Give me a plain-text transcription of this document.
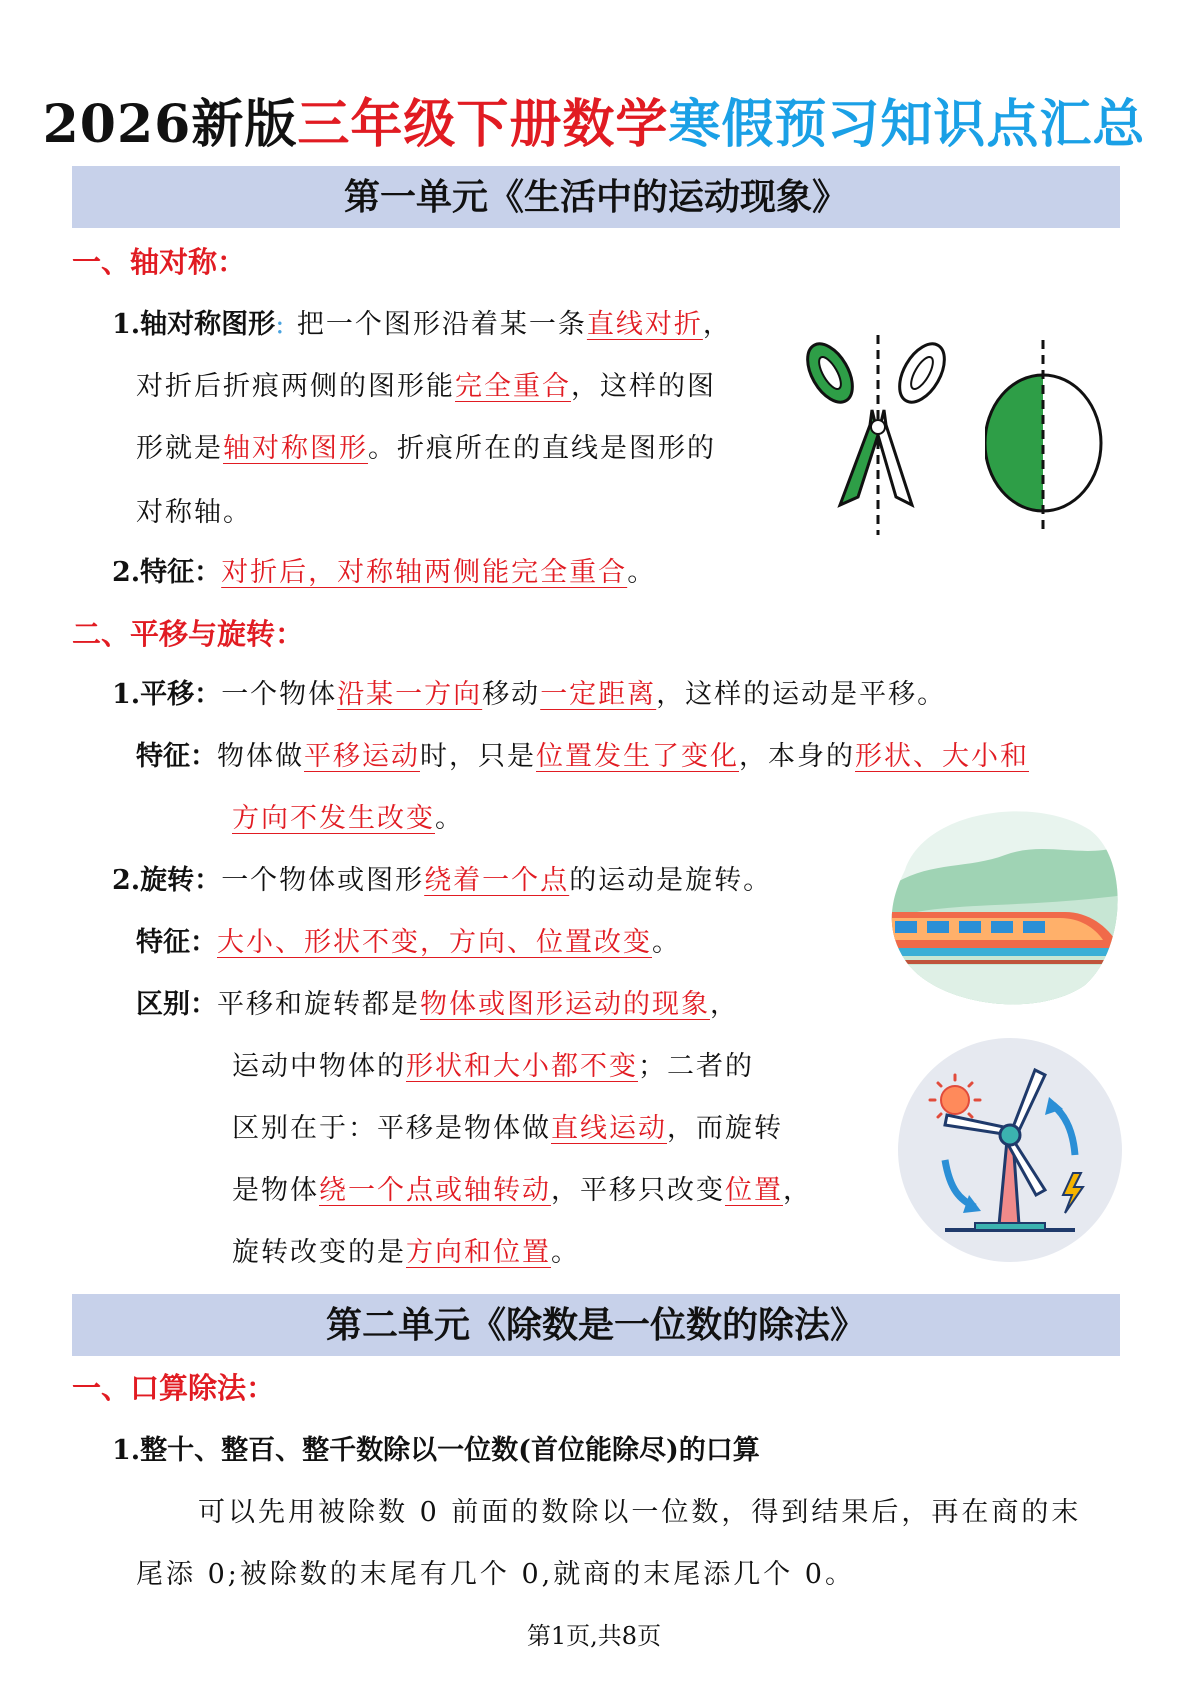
2026新版三年级下册数学寒假预习知识点汇总
第一单元《生活中的运动现象》
一、轴对称：
1.轴对称图形: 把一个图形沿着某一条直线对折，
对折后折痕两侧的图形能完全重合，这样的图
形就是轴对称图形。折痕所在的直线是图形的
对称轴。
2.特征：对折后，对称轴两侧能完全重合。
二、平移与旋转：
1.平移：一个物体沿某一方向移动一定距离，这样的运动是平移。
特征：物体做平移运动时，只是位置发生了变化，本身的形状、大小和
方向不发生改变。
2.旋转：一个物体或图形绕着一个点的运动是旋转。
特征：大小、形状不变，方向、位置改变。
区别：平移和旋转都是物体或图形运动的现象，
运动中物体的形状和大小都不变；二者的
区别在于：平移是物体做直线运动，而旋转
是物体绕一个点或轴转动，平移只改变位置，
旋转改变的是方向和位置。
第二单元《除数是一位数的除法》
一、口算除法：
1.整十、整百、整千数除以一位数(首位能除尽)的口算
可以先用被除数 0 前面的数除以一位数，得到结果后，再在商的末
尾添 0;被除数的末尾有几个 0,就商的末尾添几个 0。
第1页,共8页
